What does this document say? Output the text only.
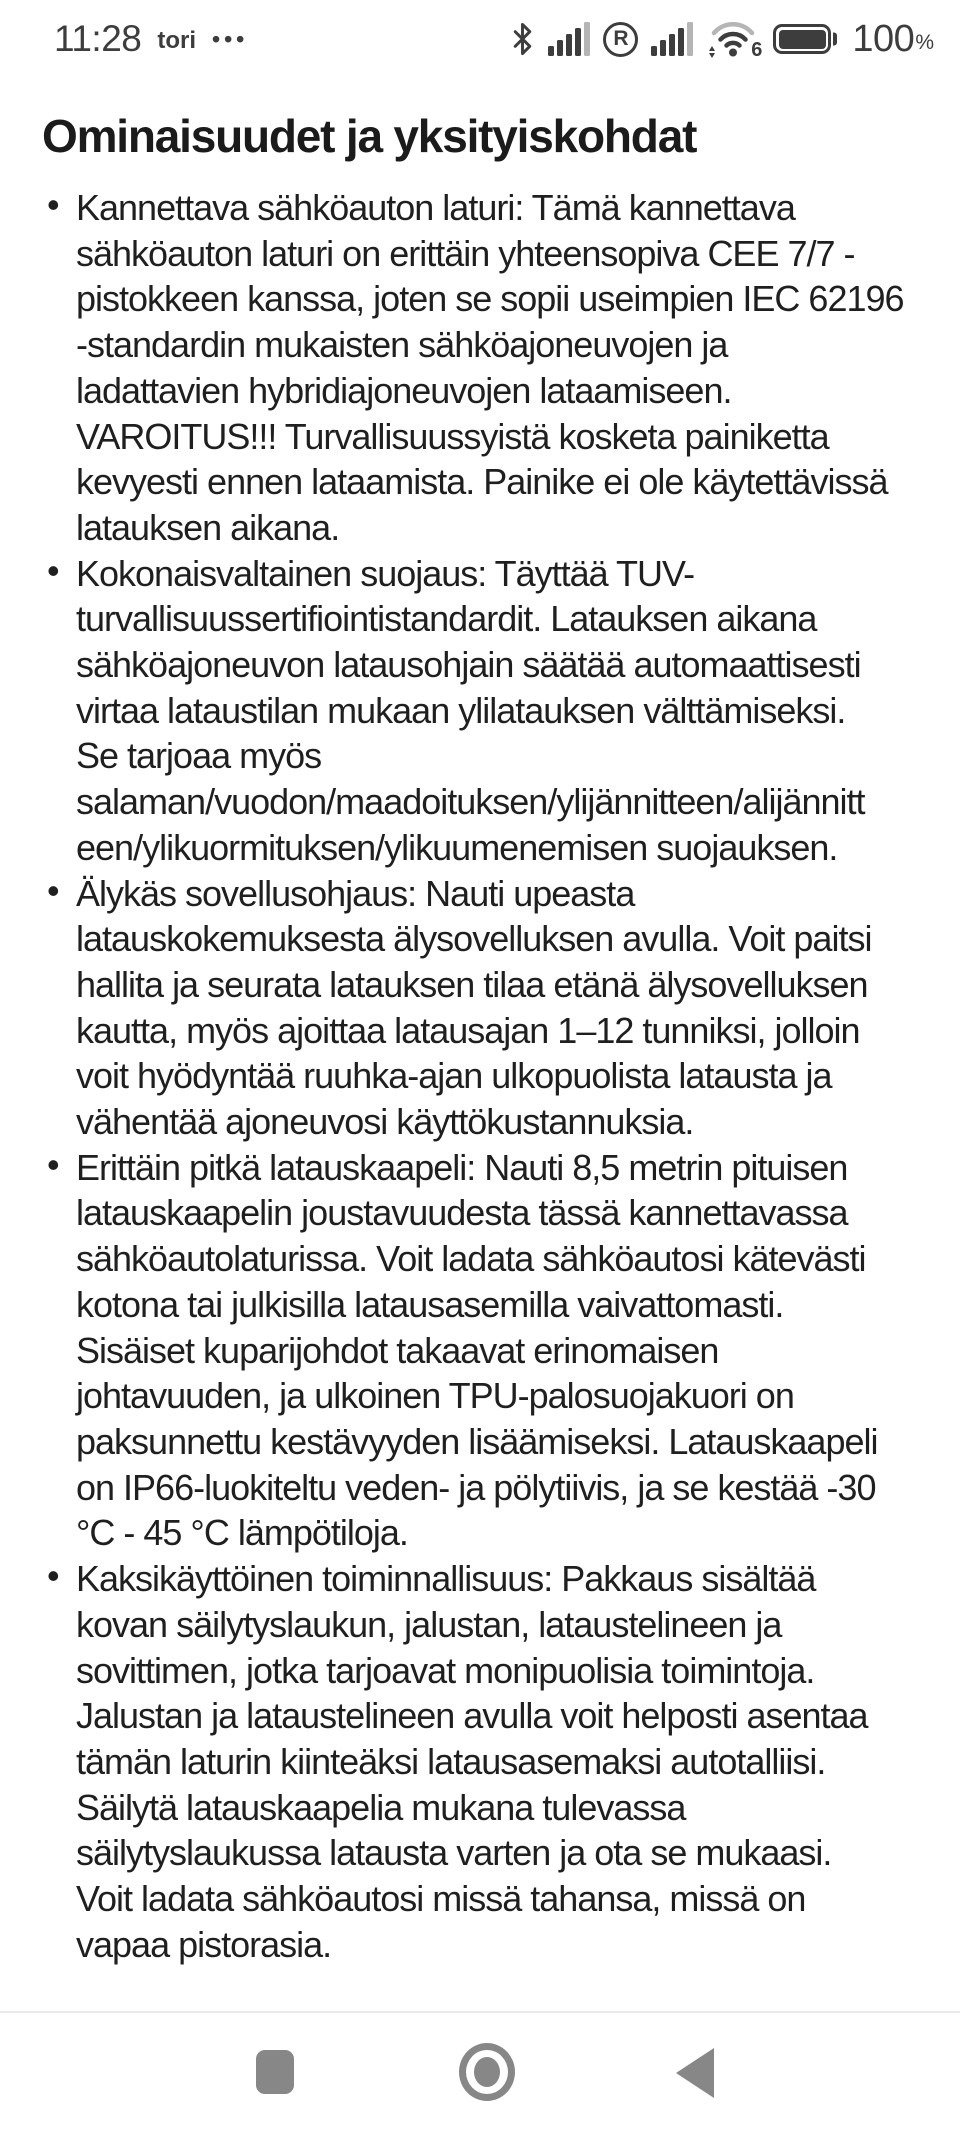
11:28 tori •••	R	6 100 %
Ominaisuudet ja yksityiskohdat
• Kannettava sähköauton laturi: Tämä kannettava
sähköauton laturi on erittäin yhteensopiva CEE 7/7 -
pistokkeen kanssa, joten se sopii useimpien IEC 62196
-standardin mukaisten sähköajoneuvojen ja
ladattavien hybridiajoneuvojen lataamiseen.
VAROITUS!!! Turvallisuussyistä kosketa painiketta
kevyesti ennen lataamista. Painike ei ole käytettävissä
latauksen aikana.
• Kokonaisvaltainen suojaus: Täyttää TUV-
turvallisuussertifiointistandardit. Latauksen aikana
sähköajoneuvon latausohjain säätää automaattisesti
virtaa lataustilan mukaan ylilatauksen välttämiseksi.
Se tarjoaa myös
salaman/vuodon/maadoituksen/ylijännitteen/alijännitt
een/ylikuormituksen/ylikuumenemisen suojauksen.
• Älykäs sovellusohjaus: Nauti upeasta
latauskokemuksesta älysovelluksen avulla. Voit paitsi
hallita ja seurata latauksen tilaa etänä älysovelluksen
kautta, myös ajoittaa latausajan 1–12 tunniksi, jolloin
voit hyödyntää ruuhka-ajan ulkopuolista latausta ja
vähentää ajoneuvosi käyttökustannuksia.
• Erittäin pitkä latauskaapeli: Nauti 8,5 metrin pituisen
latauskaapelin joustavuudesta tässä kannettavassa
sähköautolaturissa. Voit ladata sähköautosi kätevästi
kotona tai julkisilla latausasemilla vaivattomasti.
Sisäiset kuparijohdot takaavat erinomaisen
johtavuuden, ja ulkoinen TPU-palosuojakuori on
paksunnettu kestävyyden lisäämiseksi. Latauskaapeli
on IP66-luokiteltu veden- ja pölytiivis, ja se kestää -30
°C - 45 °C lämpötiloja.
• Kaksikäyttöinen toiminnallisuus: Pakkaus sisältää
kovan säilytyslaukun, jalustan, lataustelineen ja
sovittimen, jotka tarjoavat monipuolisia toimintoja.
Jalustan ja lataustelineen avulla voit helposti asentaa
tämän laturin kiinteäksi latausasemaksi autotalliisi.
Säilytä latauskaapelia mukana tulevassa
säilytyslaukussa latausta varten ja ota se mukaasi.
Voit ladata sähköautosi missä tahansa, missä on
vapaa pistorasia.
